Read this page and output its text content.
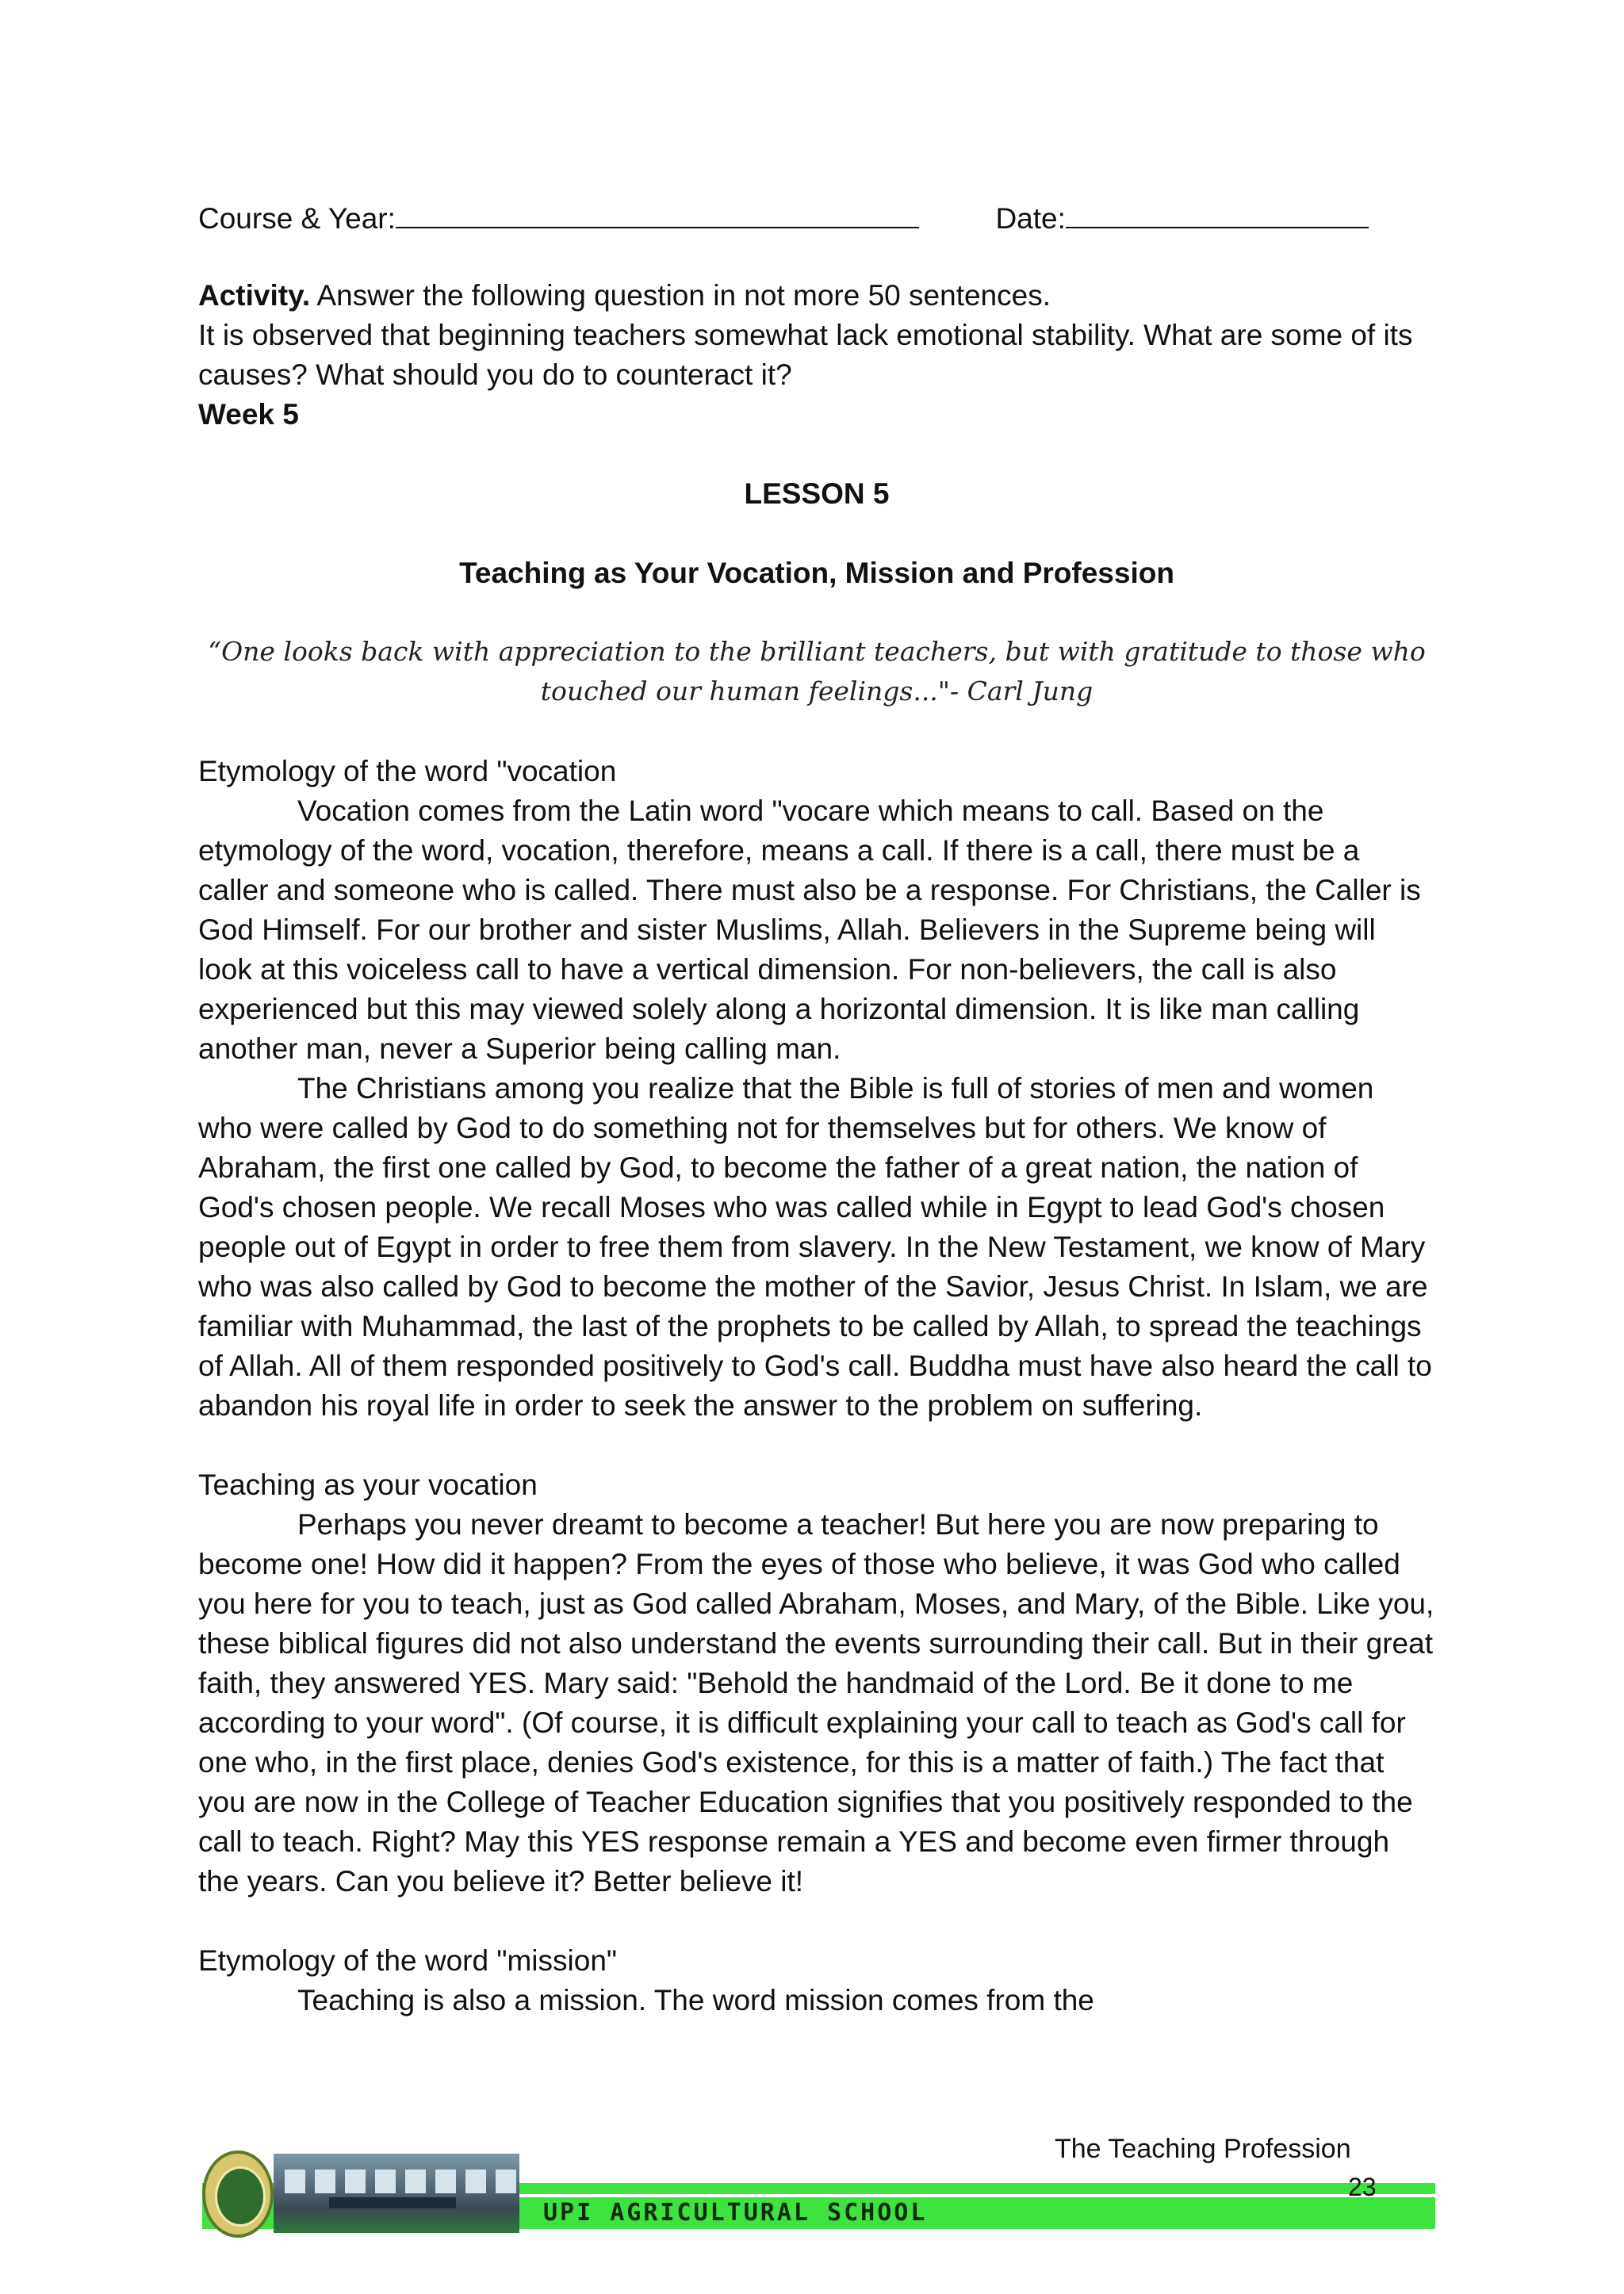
Course & Year:	Date:

Activity. Answer the following question in not more 50 sentences.

It is observed that beginning teachers somewhat lack emotional stability. What are some of its causes? What should you do to counteract it?

Week 5

LESSON 5
Teaching as Your Vocation, Mission and Profession
“One looks back with appreciation to the brilliant teachers, but with gratitude to those who touched our human feelings..."- Carl Jung

Etymology of the word "vocation

Vocation comes from the Latin word "vocare which means to call. Based on the etymology of the word, vocation, therefore, means a call. If there is a call, there must be a caller and someone who is called. There must also be a response. For Christians, the Caller is God Himself. For our brother and sister Muslims, Allah. Believers in the Supreme being will look at this voiceless call to have a vertical dimension. For non-believers, the call is also experienced but this may viewed solely along a horizontal dimension. It is like man calling another man, never a Superior being calling man.

The Christians among you realize that the Bible is full of stories of men and women who were called by God to do something not for themselves but for others. We know of Abraham, the first one called by God, to become the father of a great nation, the nation of God's chosen people. We recall Moses who was called while in Egypt to lead God's chosen people out of Egypt in order to free them from slavery. In the New Testament, we know of Mary who was also called by God to become the mother of the Savior, Jesus Christ. In Islam, we are familiar with Muhammad, the last of the prophets to be called by Allah, to spread the teachings of Allah. All of them responded positively to God's call. Buddha must have also heard the call to abandon his royal life in order to seek the answer to the problem on suffering.

Teaching as your vocation

Perhaps you never dreamt to become a teacher! But here you are now preparing to become one! How did it happen? From the eyes of those who believe, it was God who called you here for you to teach, just as God called Abraham, Moses, and Mary, of the Bible. Like you, these biblical figures did not also understand the events surrounding their call. But in their great faith, they answered YES. Mary said: "Behold the handmaid of the Lord. Be it done to me according to your word". (Of course, it is difficult explaining your call to teach as God's call for one who, in the first place, denies God's existence, for this is a matter of faith.) The fact that you are now in the College of Teacher Education signifies that you positively responded to the call to teach. Right? May this YES response remain a YES and become even firmer through the years. Can you believe it? Better believe it!

Etymology of the word "mission"

Teaching is also a mission. The word mission comes from the

The Teaching Profession
UPI AGRICULTURAL SCHOOL
23
